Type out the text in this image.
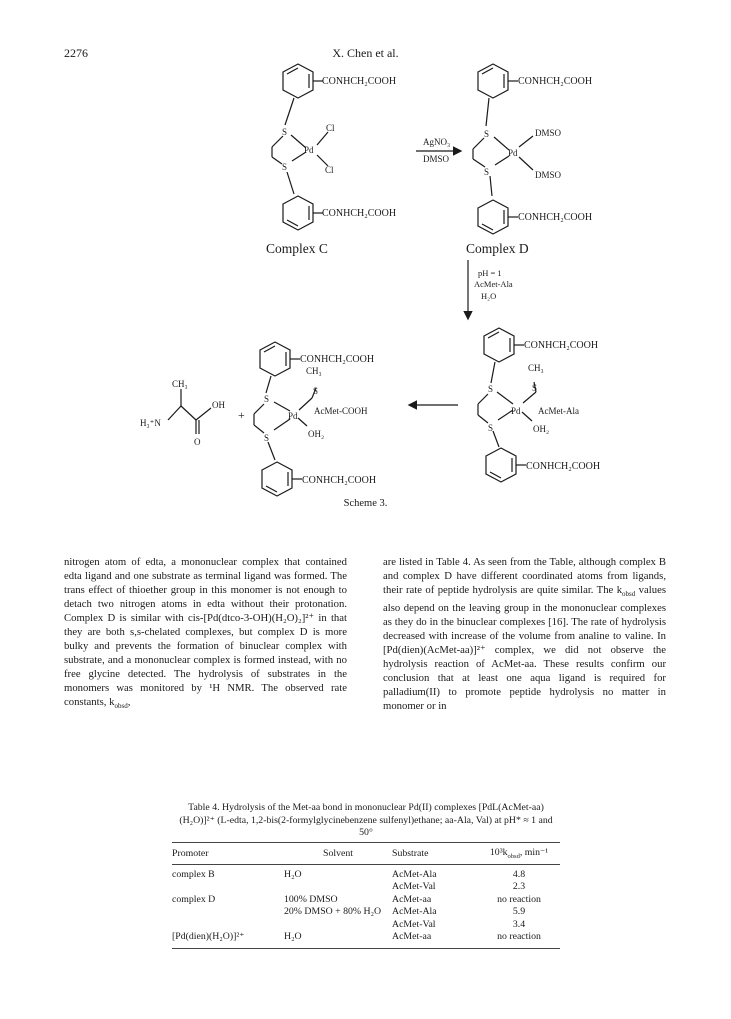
2276	X. Chen et al.
CONHCH₂COOH
S
Pd
Cl
Cl
S
CONHCH₂COOH
Complex C
AgNO₃
DMSO
CONHCH₂COOH
S
Pd
DMSO
DMSO
S
CONHCH₂COOH
Complex D
pH = 1
AcMet-Ala
H₂O
CONHCH₂COOH
CH₃
S
S
Pd AcMet-COOH
OH₂
S
CONHCH₂COOH
CONHCH₂COOH
CH₃
S
S
Pd AcMet-Ala
OH₂
S
CONHCH₂COOH
CH₃
OH
H₃⁺N
O
+
Scheme 3.

nitrogen atom of edta, a mononuclear complex that contained edta ligand and one substrate as terminal ligand was formed. The trans effect of thioether group in this monomer is not enough to detach two nitrogen atoms in edta without their protonation. Complex D is similar with cis-[Pd(dtco-3-OH)(H₂O)₂]²⁺ in that they are both s,s-chelated complexes, but complex D is more bulky and prevents the formation of binuclear complex with substrate, and a mononuclear complex is formed instead, with no free glycine detected. The hydrolysis of substrates in the monomers was monitored by ¹H NMR. The observed rate constants, $k_{obsd}$,

are listed in Table 4. As seen from the Table, although complex B and complex D have different coordinated atoms from ligands, their rate of peptide hydrolysis are quite similar. The $k_{obsd}$ values also depend on the leaving group in the mononuclear complexes as they do in the binuclear complexes [16]. The rate of hydrolysis decreased with increase of the volume from analine to valine. In [Pd(dien)(AcMet-aa)]²⁺ complex, we did not observe the hydrolysis reaction of AcMet-aa. These results confirm our conclusion that at least one aqua ligand is required for palladium(II) to promote peptide hydrolysis no matter in monomer or in

Table 4. Hydrolysis of the Met-aa bond in mononuclear Pd(II) complexes [PdL(AcMet-aa)(H₂O)]²⁺ (L-edta, 1,2-bis(2-formylglycinebenzene sulfenyl)ethane; aa-Ala, Val) at pH* ≈ 1 and 50°
Promoter	Solvent	Substrate	$10^3k_{obsd}$, min⁻¹
complex B	H₂O	AcMet-Ala	4.8
		AcMet-Val	2.3
complex D	100% DMSO	AcMet-aa	no reaction
	20% DMSO + 80% H₂O	AcMet-Ala	5.9
		AcMet-Val	3.4
[Pd(dien)(H₂O)]²⁺	H₂O	AcMet-aa	no reaction
